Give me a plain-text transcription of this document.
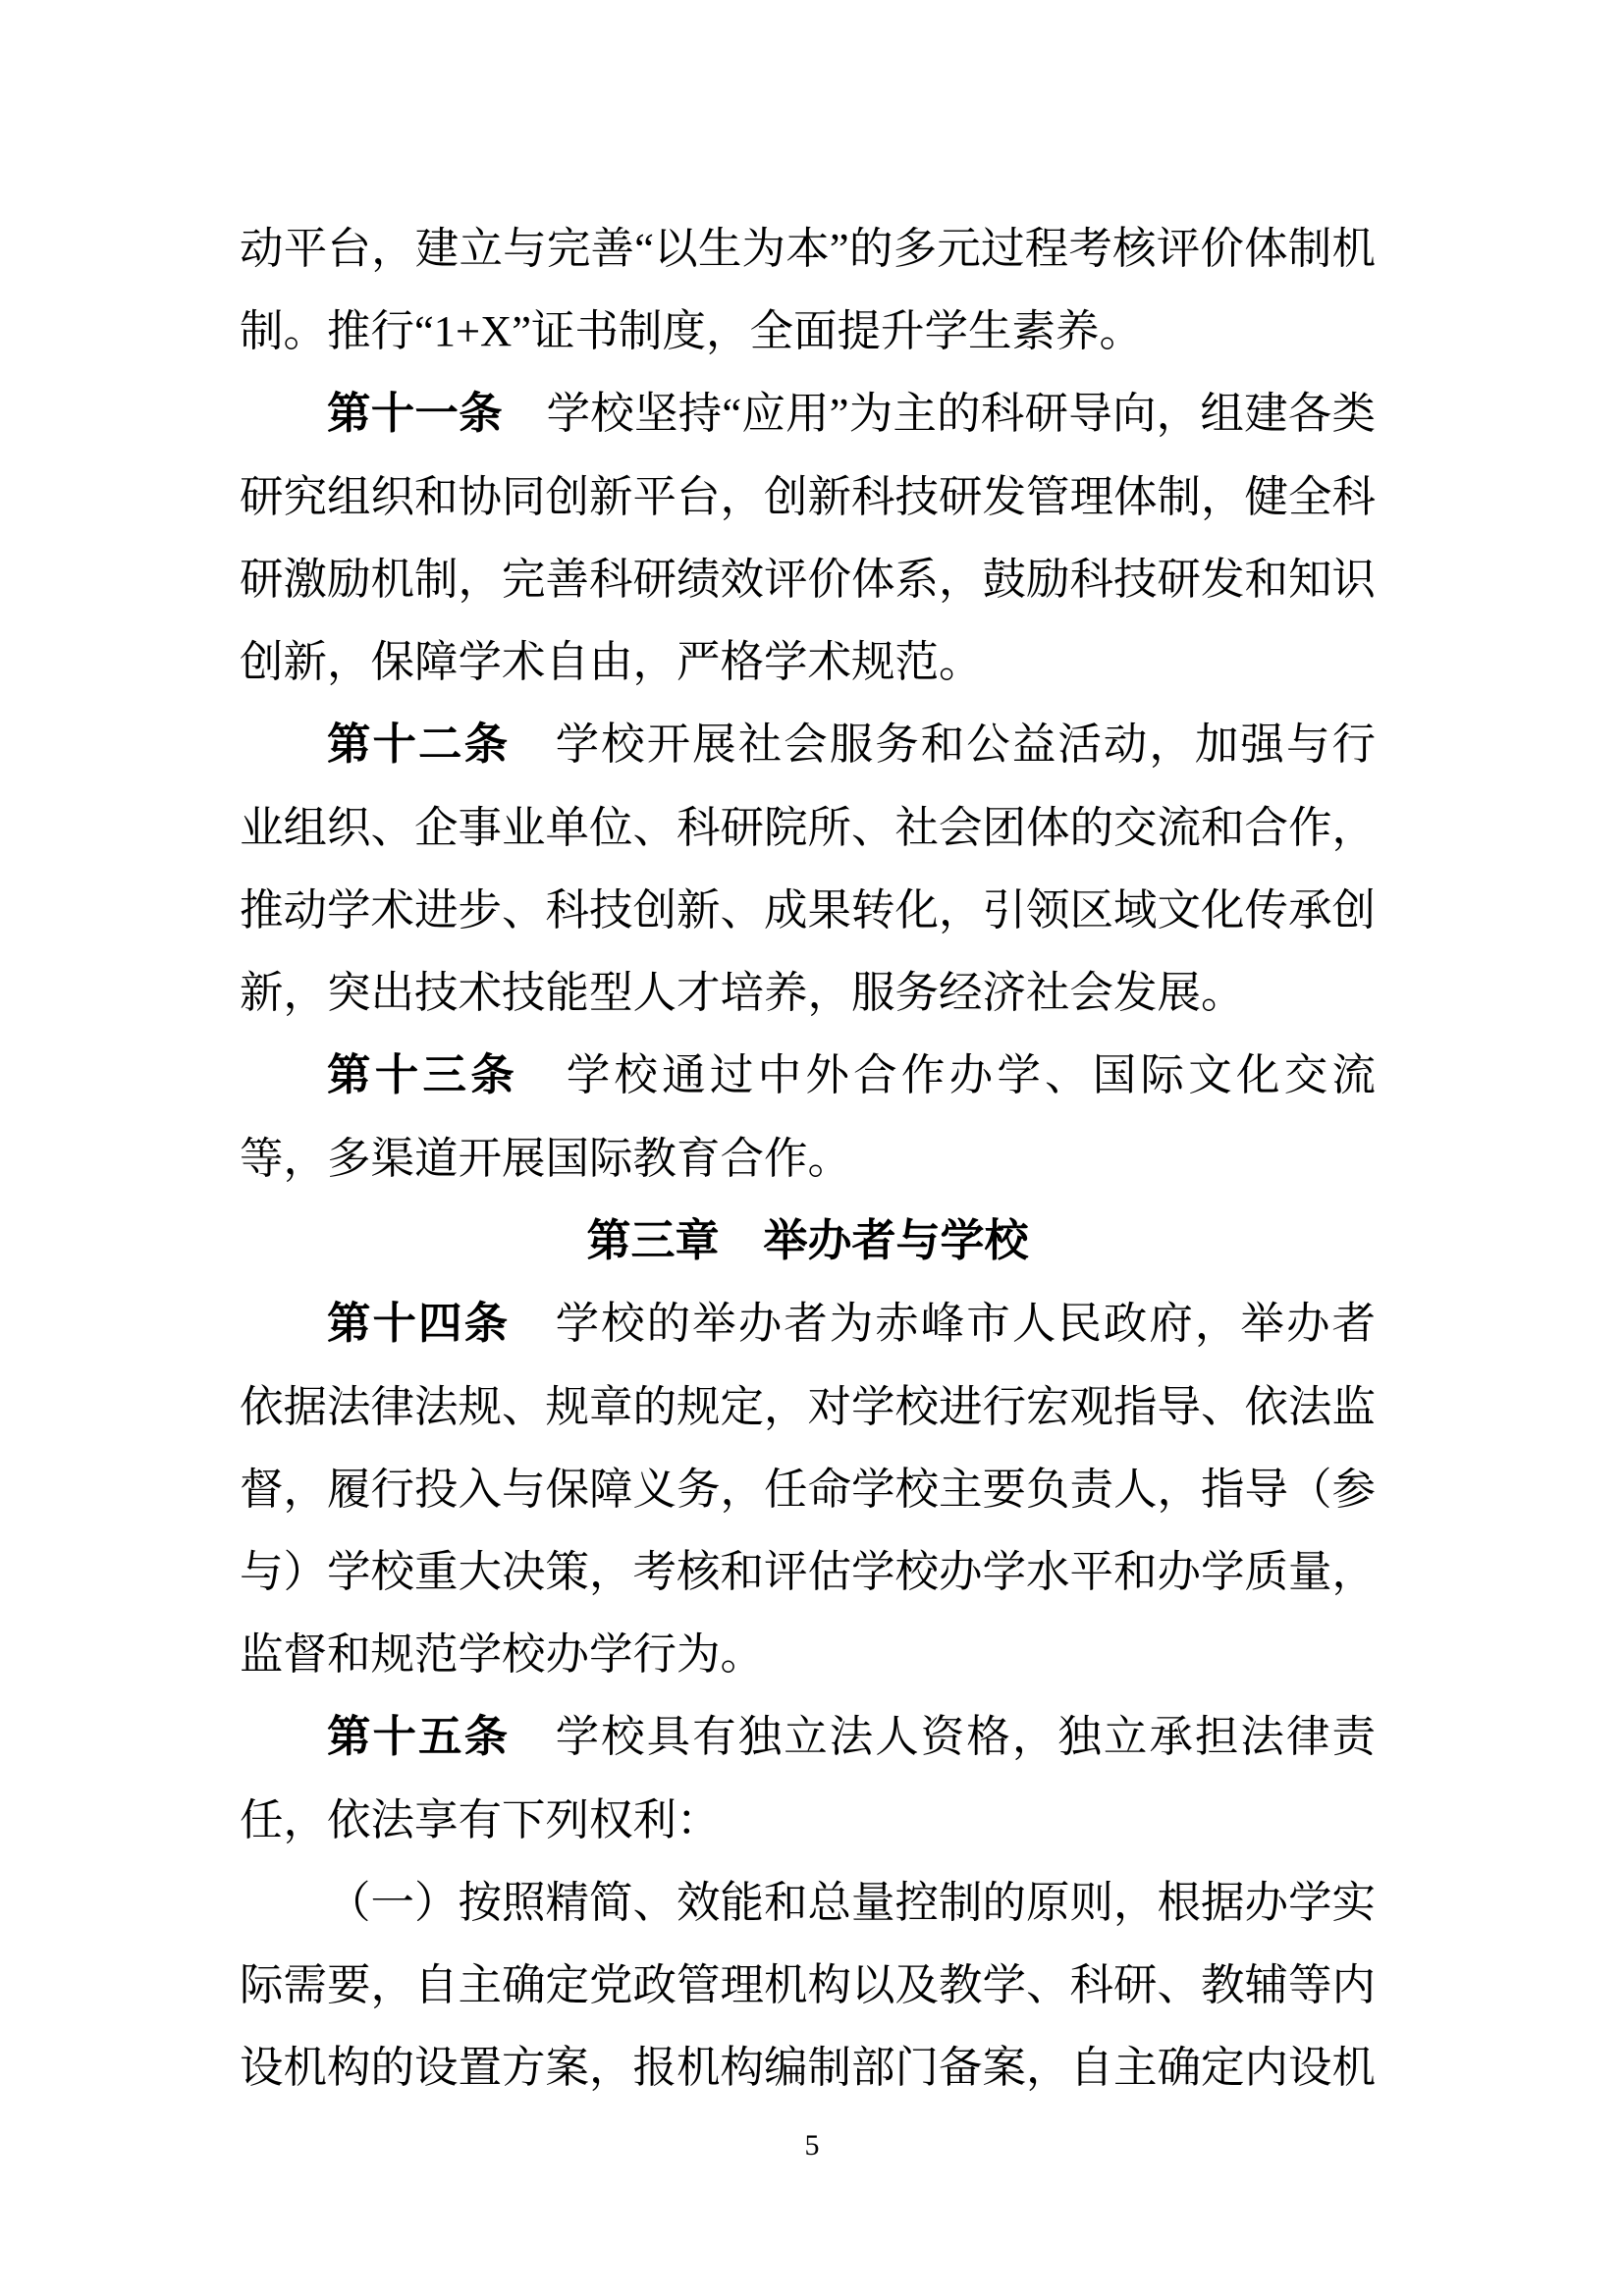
动平台，建立与完善“以生为本”的多元过程考核评价体制机制。推行“1+X”证书制度，全面提升学生素养。

第十一条　学校坚持“应用”为主的科研导向，组建各类研究组织和协同创新平台，创新科技研发管理体制，健全科研激励机制，完善科研绩效评价体系，鼓励科技研发和知识创新，保障学术自由，严格学术规范。

第十二条　学校开展社会服务和公益活动，加强与行业组织、企事业单位、科研院所、社会团体的交流和合作，推动学术进步、科技创新、成果转化，引领区域文化传承创新，突出技术技能型人才培养，服务经济社会发展。

第十三条　学校通过中外合作办学、国际文化交流等，多渠道开展国际教育合作。

第三章　举办者与学校

第十四条　学校的举办者为赤峰市人民政府，举办者依据法律法规、规章的规定，对学校进行宏观指导、依法监督，履行投入与保障义务，任命学校主要负责人，指导（参与）学校重大决策，考核和评估学校办学水平和办学质量，监督和规范学校办学行为。

第十五条　学校具有独立法人资格，独立承担法律责任，依法享有下列权利：

（一）按照精简、效能和总量控制的原则，根据办学实际需要，自主确定党政管理机构以及教学、科研、教辅等内设机构的设置方案，报机构编制部门备案，自主确定内设机

5
